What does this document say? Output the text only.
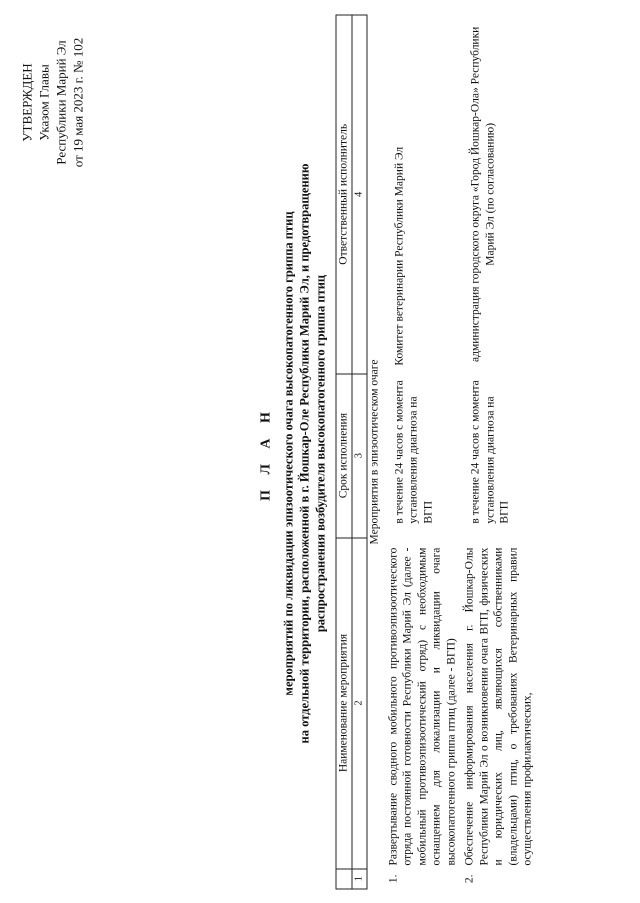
УТВЕРЖДЕН Указом Главы Республики Марий Эл от 19 мая 2023 г. № 102
П Л А Н мероприятий по ликвидации эпизоотического очага высокопатогенного гриппа птиц на отдельной территории, расположенной в г. Йошкар-Оле Республики Марий Эл, и предотвращению распространения возбудителя высокопатогенного гриппа птиц
	Наименование мероприятия	Срок исполнения	Ответственный исполнитель
1	2	3	4
Мероприятия в эпизоотическом очаге			
1.	Развертывание сводного мобильного противоэпизоотического отряда постоянной готовности Республики Марий Эл (далее - мобильный противоэпизоотический отряд) с необходимым оснащением для локализации и ликвидации очага высокопатогенного гриппа птиц (далее - ВГП)	в течение 24 часов с момента установления диагноза на ВГП	Комитет ветеринарии Республики Марий Эл
2.	Обеспечение информирования населения г. Йошкар-Олы Республики Марий Эл о возникновении очага ВГП, физических и юридических лиц, являющихся собственниками (владельцами) птиц, о требованиях Ветеринарных правил осуществления профилактических,	в течение 24 часов с момента установления диагноза на ВГП	администрация городского округа «Город Йошкар-Ола» Республики Марий Эл (по согласованию)
